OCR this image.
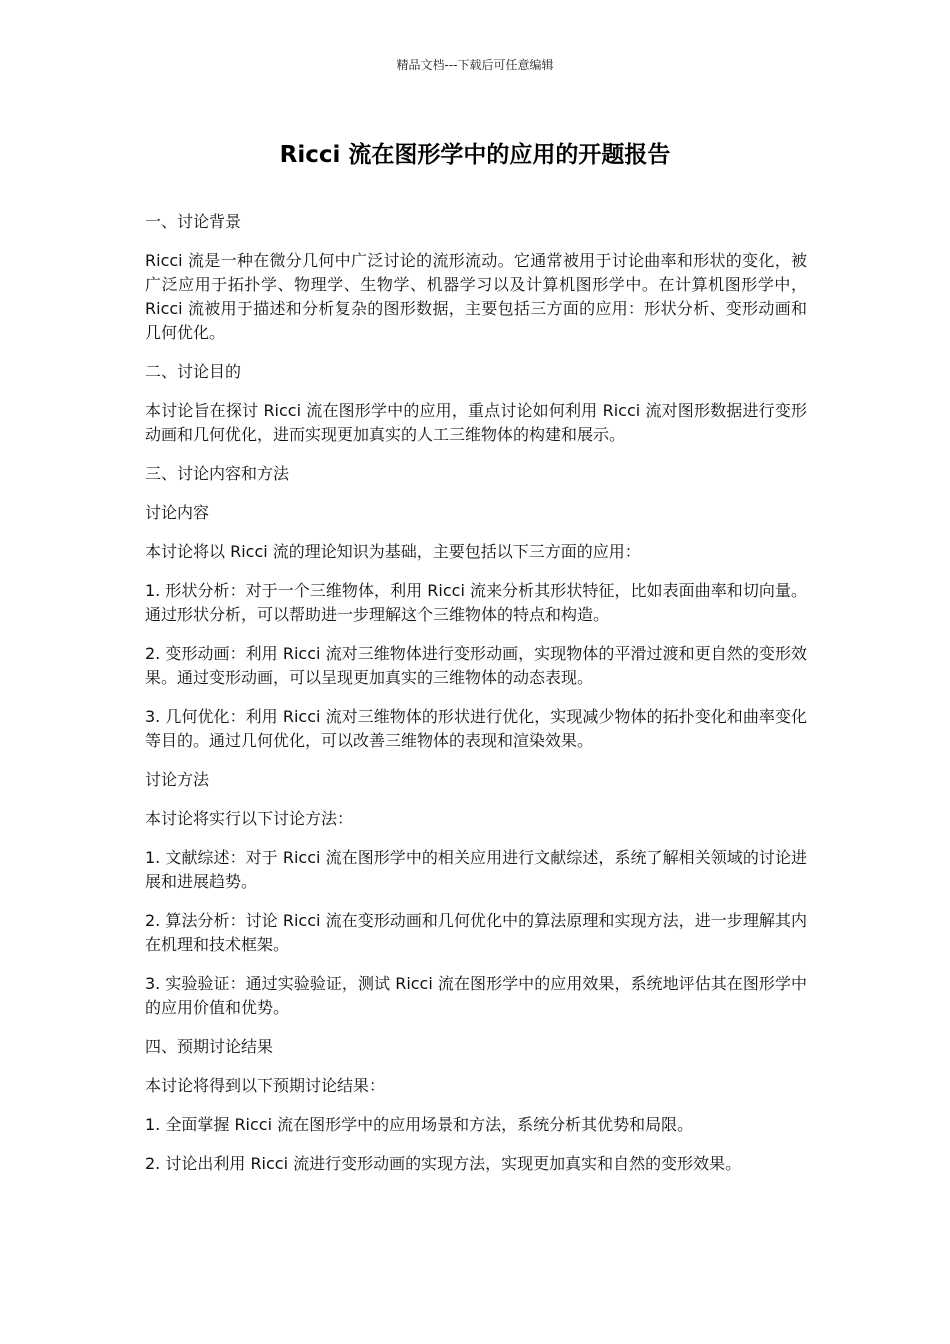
精品文档---下载后可任意编辑
Ricci 流在图形学中的应用的开题报告

一、讨论背景

Ricci 流是一种在微分几何中广泛讨论的流形流动。它通常被用于讨论曲率和形状的变化，被广泛应用于拓扑学、物理学、生物学、机器学习以及计算机图形学中。在计算机图形学中，Ricci 流被用于描述和分析复杂的图形数据，主要包括三方面的应用：形状分析、变形动画和几何优化。

二、讨论目的

本讨论旨在探讨 Ricci 流在图形学中的应用，重点讨论如何利用 Ricci 流对图形数据进行变形动画和几何优化，进而实现更加真实的人工三维物体的构建和展示。

三、讨论内容和方法

讨论内容

本讨论将以 Ricci 流的理论知识为基础，主要包括以下三方面的应用：

1. 形状分析：对于一个三维物体，利用 Ricci 流来分析其形状特征，比如表面曲率和切向量。通过形状分析，可以帮助进一步理解这个三维物体的特点和构造。

2. 变形动画：利用 Ricci 流对三维物体进行变形动画，实现物体的平滑过渡和更自然的变形效果。通过变形动画，可以呈现更加真实的三维物体的动态表现。

3. 几何优化：利用 Ricci 流对三维物体的形状进行优化，实现减少物体的拓扑变化和曲率变化等目的。通过几何优化，可以改善三维物体的表现和渲染效果。

讨论方法

本讨论将实行以下讨论方法：

1. 文献综述：对于 Ricci 流在图形学中的相关应用进行文献综述，系统了解相关领域的讨论进展和进展趋势。

2. 算法分析：讨论 Ricci 流在变形动画和几何优化中的算法原理和实现方法，进一步理解其内在机理和技术框架。

3. 实验验证：通过实验验证，测试 Ricci 流在图形学中的应用效果，系统地评估其在图形学中的应用价值和优势。

四、预期讨论结果

本讨论将得到以下预期讨论结果：

1. 全面掌握 Ricci 流在图形学中的应用场景和方法，系统分析其优势和局限。

2. 讨论出利用 Ricci 流进行变形动画的实现方法，实现更加真实和自然的变形效果。
